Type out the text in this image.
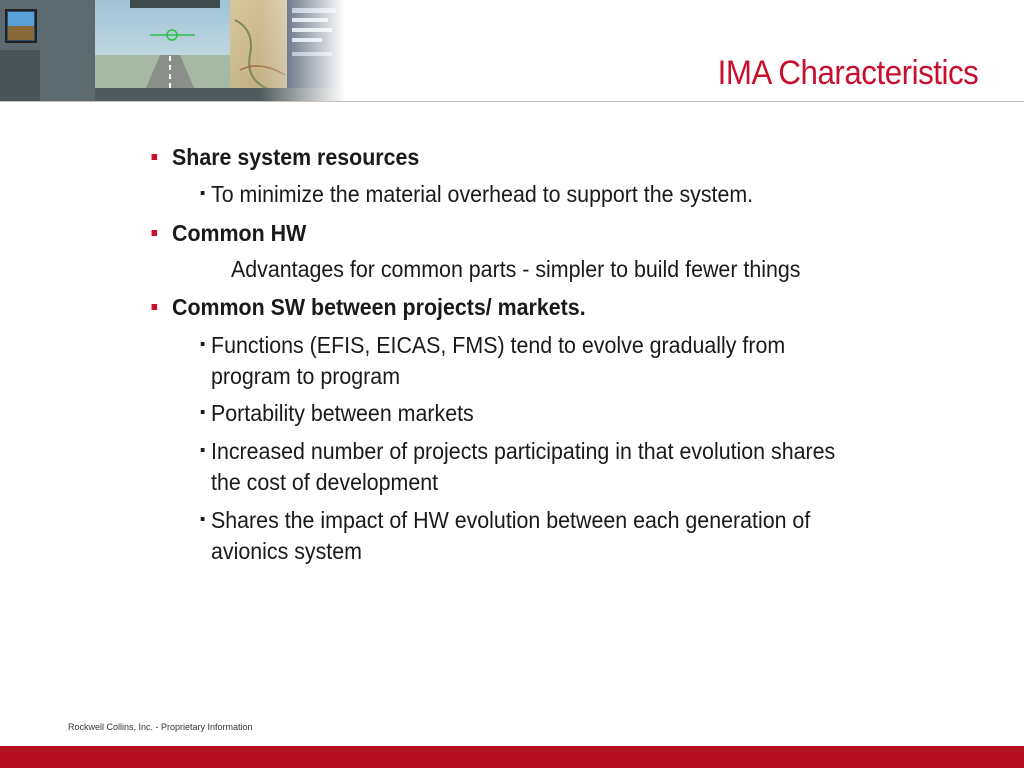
IMA Characteristics
Share system resources
To minimize the material overhead to support the system.
Common HW
Advantages for common parts - simpler to build fewer things
Common SW between projects/ markets.
Functions (EFIS, EICAS, FMS) tend to evolve gradually from
program to program
Portability between markets
Increased number of projects participating in that evolution shares
the cost of development
Shares the impact of HW evolution between each generation of
avionics system
Rockwell Collins, Inc. - Proprietary Information
